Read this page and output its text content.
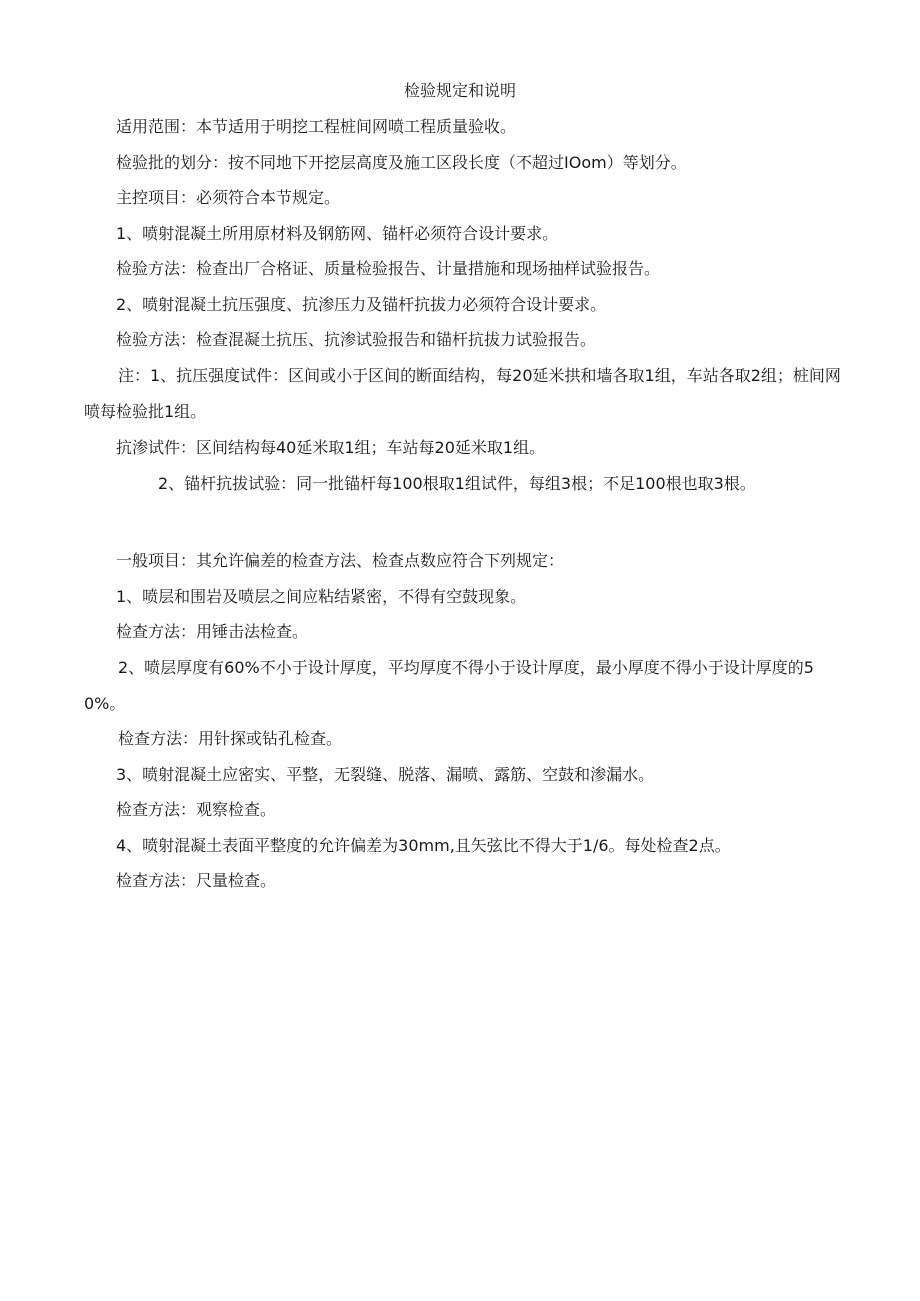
检验规定和说明
适用范围：本节适用于明挖工程桩间网喷工程质量验收。
检验批的划分：按不同地下开挖层高度及施工区段长度（不超过IOom）等划分。
主控项目：必须符合本节规定。
1、喷射混凝土所用原材料及钢筋网、锚杆必须符合设计要求。
检验方法：检查出厂合格证、质量检验报告、计量措施和现场抽样试验报告。
2、喷射混凝土抗压强度、抗渗压力及锚杆抗拔力必须符合设计要求。
检验方法：检查混凝土抗压、抗渗试验报告和锚杆抗拔力试验报告。
注：1、抗压强度试件：区间或小于区间的断面结构，每20延米拱和墙各取1组，车站各取2组；桩间网喷每检验批1组。
抗渗试件：区间结构每40延米取1组；车站每20延米取1组。
2、锚杆抗拔试验：同一批锚杆每100根取1组试件，每组3根；不足100根也取3根。
一般项目：其允许偏差的检查方法、检查点数应符合下列规定：
1、喷层和围岩及喷层之间应粘结紧密，不得有空鼓现象。
检查方法：用锤击法检查。
2、喷层厚度有60%不小于设计厚度，平均厚度不得小于设计厚度，最小厚度不得小于设计厚度的50%。
检查方法：用针探或钻孔检查。
3、喷射混凝土应密实、平整，无裂缝、脱落、漏喷、露筋、空鼓和渗漏水。
检查方法：观察检查。
4、喷射混凝土表面平整度的允许偏差为30mm,且矢弦比不得大于1/6。每处检查2点。
检查方法：尺量检查。
